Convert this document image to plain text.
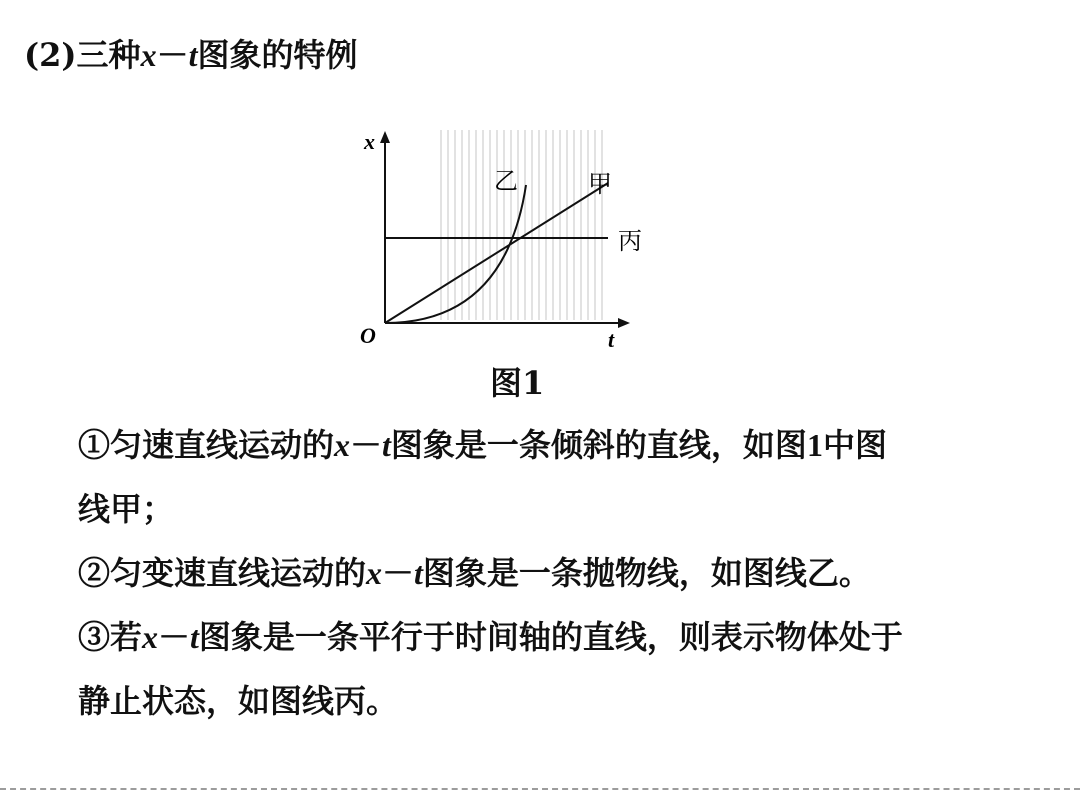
(2)三种x－t图象的特例
x
t
O
甲
乙
丙
图1
①匀速直线运动的x－t图象是一条倾斜的直线，如图1中图
线甲；
②匀变速直线运动的x－t图象是一条抛物线，如图线乙。
③若x－t图象是一条平行于时间轴的直线，则表示物体处于
静止状态，如图线丙。
